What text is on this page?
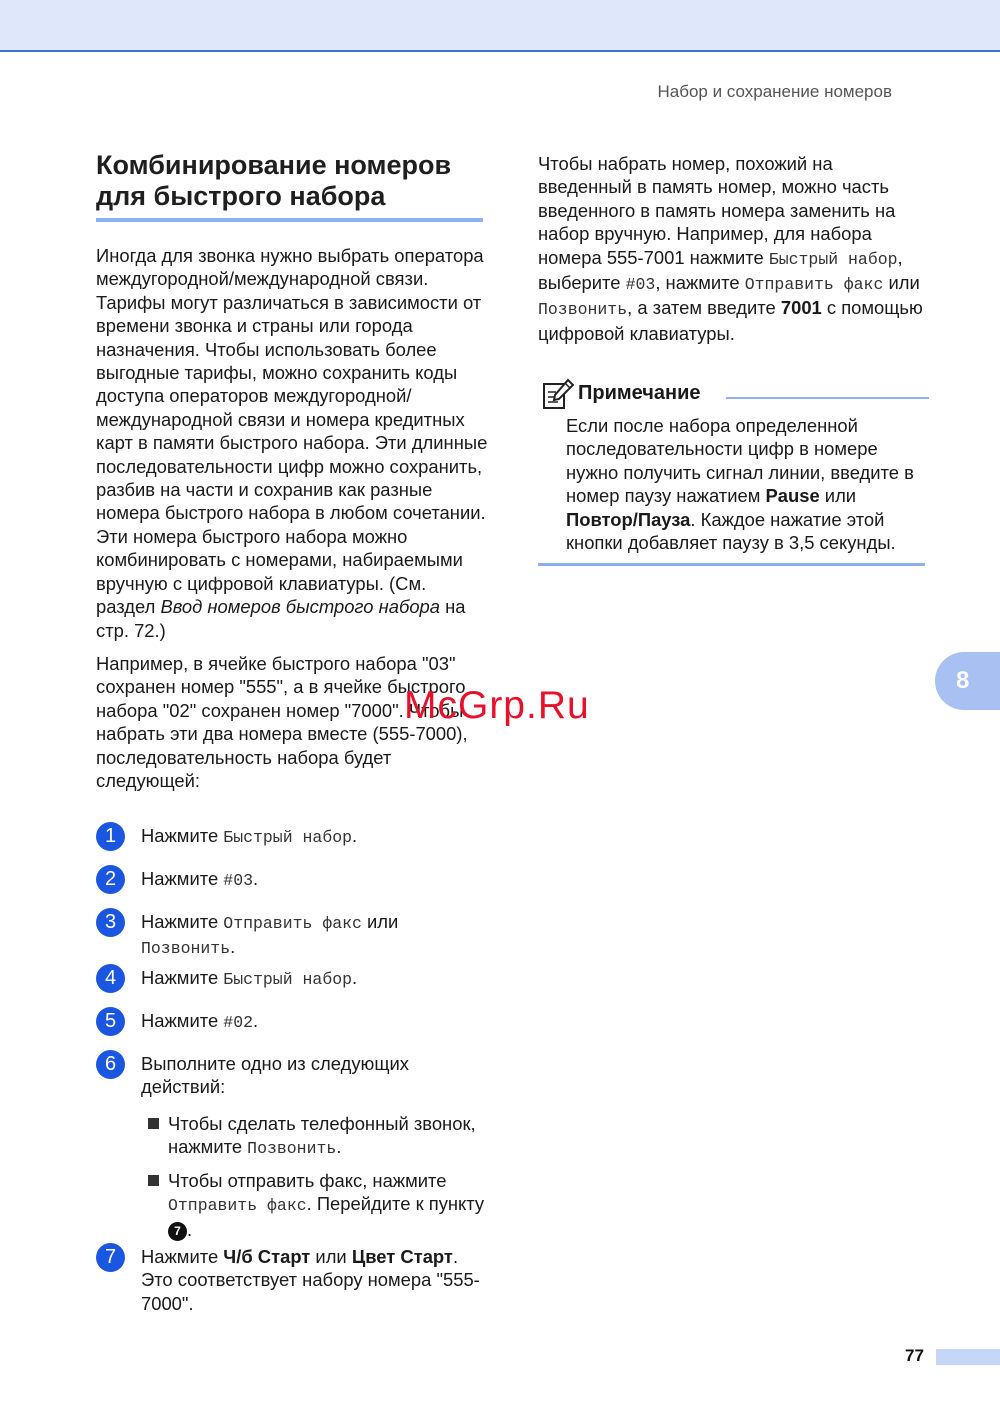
Набор и сохранение номеров
Комбинирование номеров
для быстрого набора

Иногда для звонка нужно выбрать оператора междугородной/международной связи. Тарифы могут различаться в зависимости от времени звонка и страны или города назначения. Чтобы использовать более выгодные тарифы, можно сохранить коды доступа операторов междугородной/международной связи и номера кредитных карт в памяти быстрого набора. Эти длинные последовательности цифр можно сохранить, разбив на части и сохранив как разные номера быстрого набора в любом сочетании. Эти номера быстрого набора можно комбинировать с номерами, набираемыми вручную с цифровой клавиатуры. (См. раздел Ввод номеров быстрого набора на стр. 72.)

Например, в ячейке быстрого набора "03" сохранен номер "555", а в ячейке быстрого набора "02" сохранен номер "7000". Чтобы набрать эти два номера вместе (555-7000), последовательность набора будет следующей:

1	Нажмите Быстрый набор.
2	Нажмите #03.
3	Нажмите Отправить факс или
Позвонить.
4	Нажмите Быстрый набор.
5	Нажмите #02.
6	Выполните одно из следующих действий:
Чтобы сделать телефонный звонок, нажмите Позвонить.
Чтобы отправить факс, нажмите Отправить факс. Перейдите к пункту 7 .
7	Нажмите Ч/б Старт или Цвет Старт.
Это соответствует набору номера "555-7000".

Чтобы набрать номер, похожий на введенный в память номер, можно часть введенного в память номера заменить на набор вручную. Например, для набора номера 555-7001 нажмите Быстрый набор, выберите #03, нажмите Отправить факс или Позвонить, а затем введите 7001 с помощью цифровой клавиатуры.

Примечание

Если после набора определенной последовательности цифр в номере нужно получить сигнал линии, введите в номер паузу нажатием Pause или Повтор/Пауза. Каждое нажатие этой кнопки добавляет паузу в 3,5 секунды.

8
McGrp.Ru
77
